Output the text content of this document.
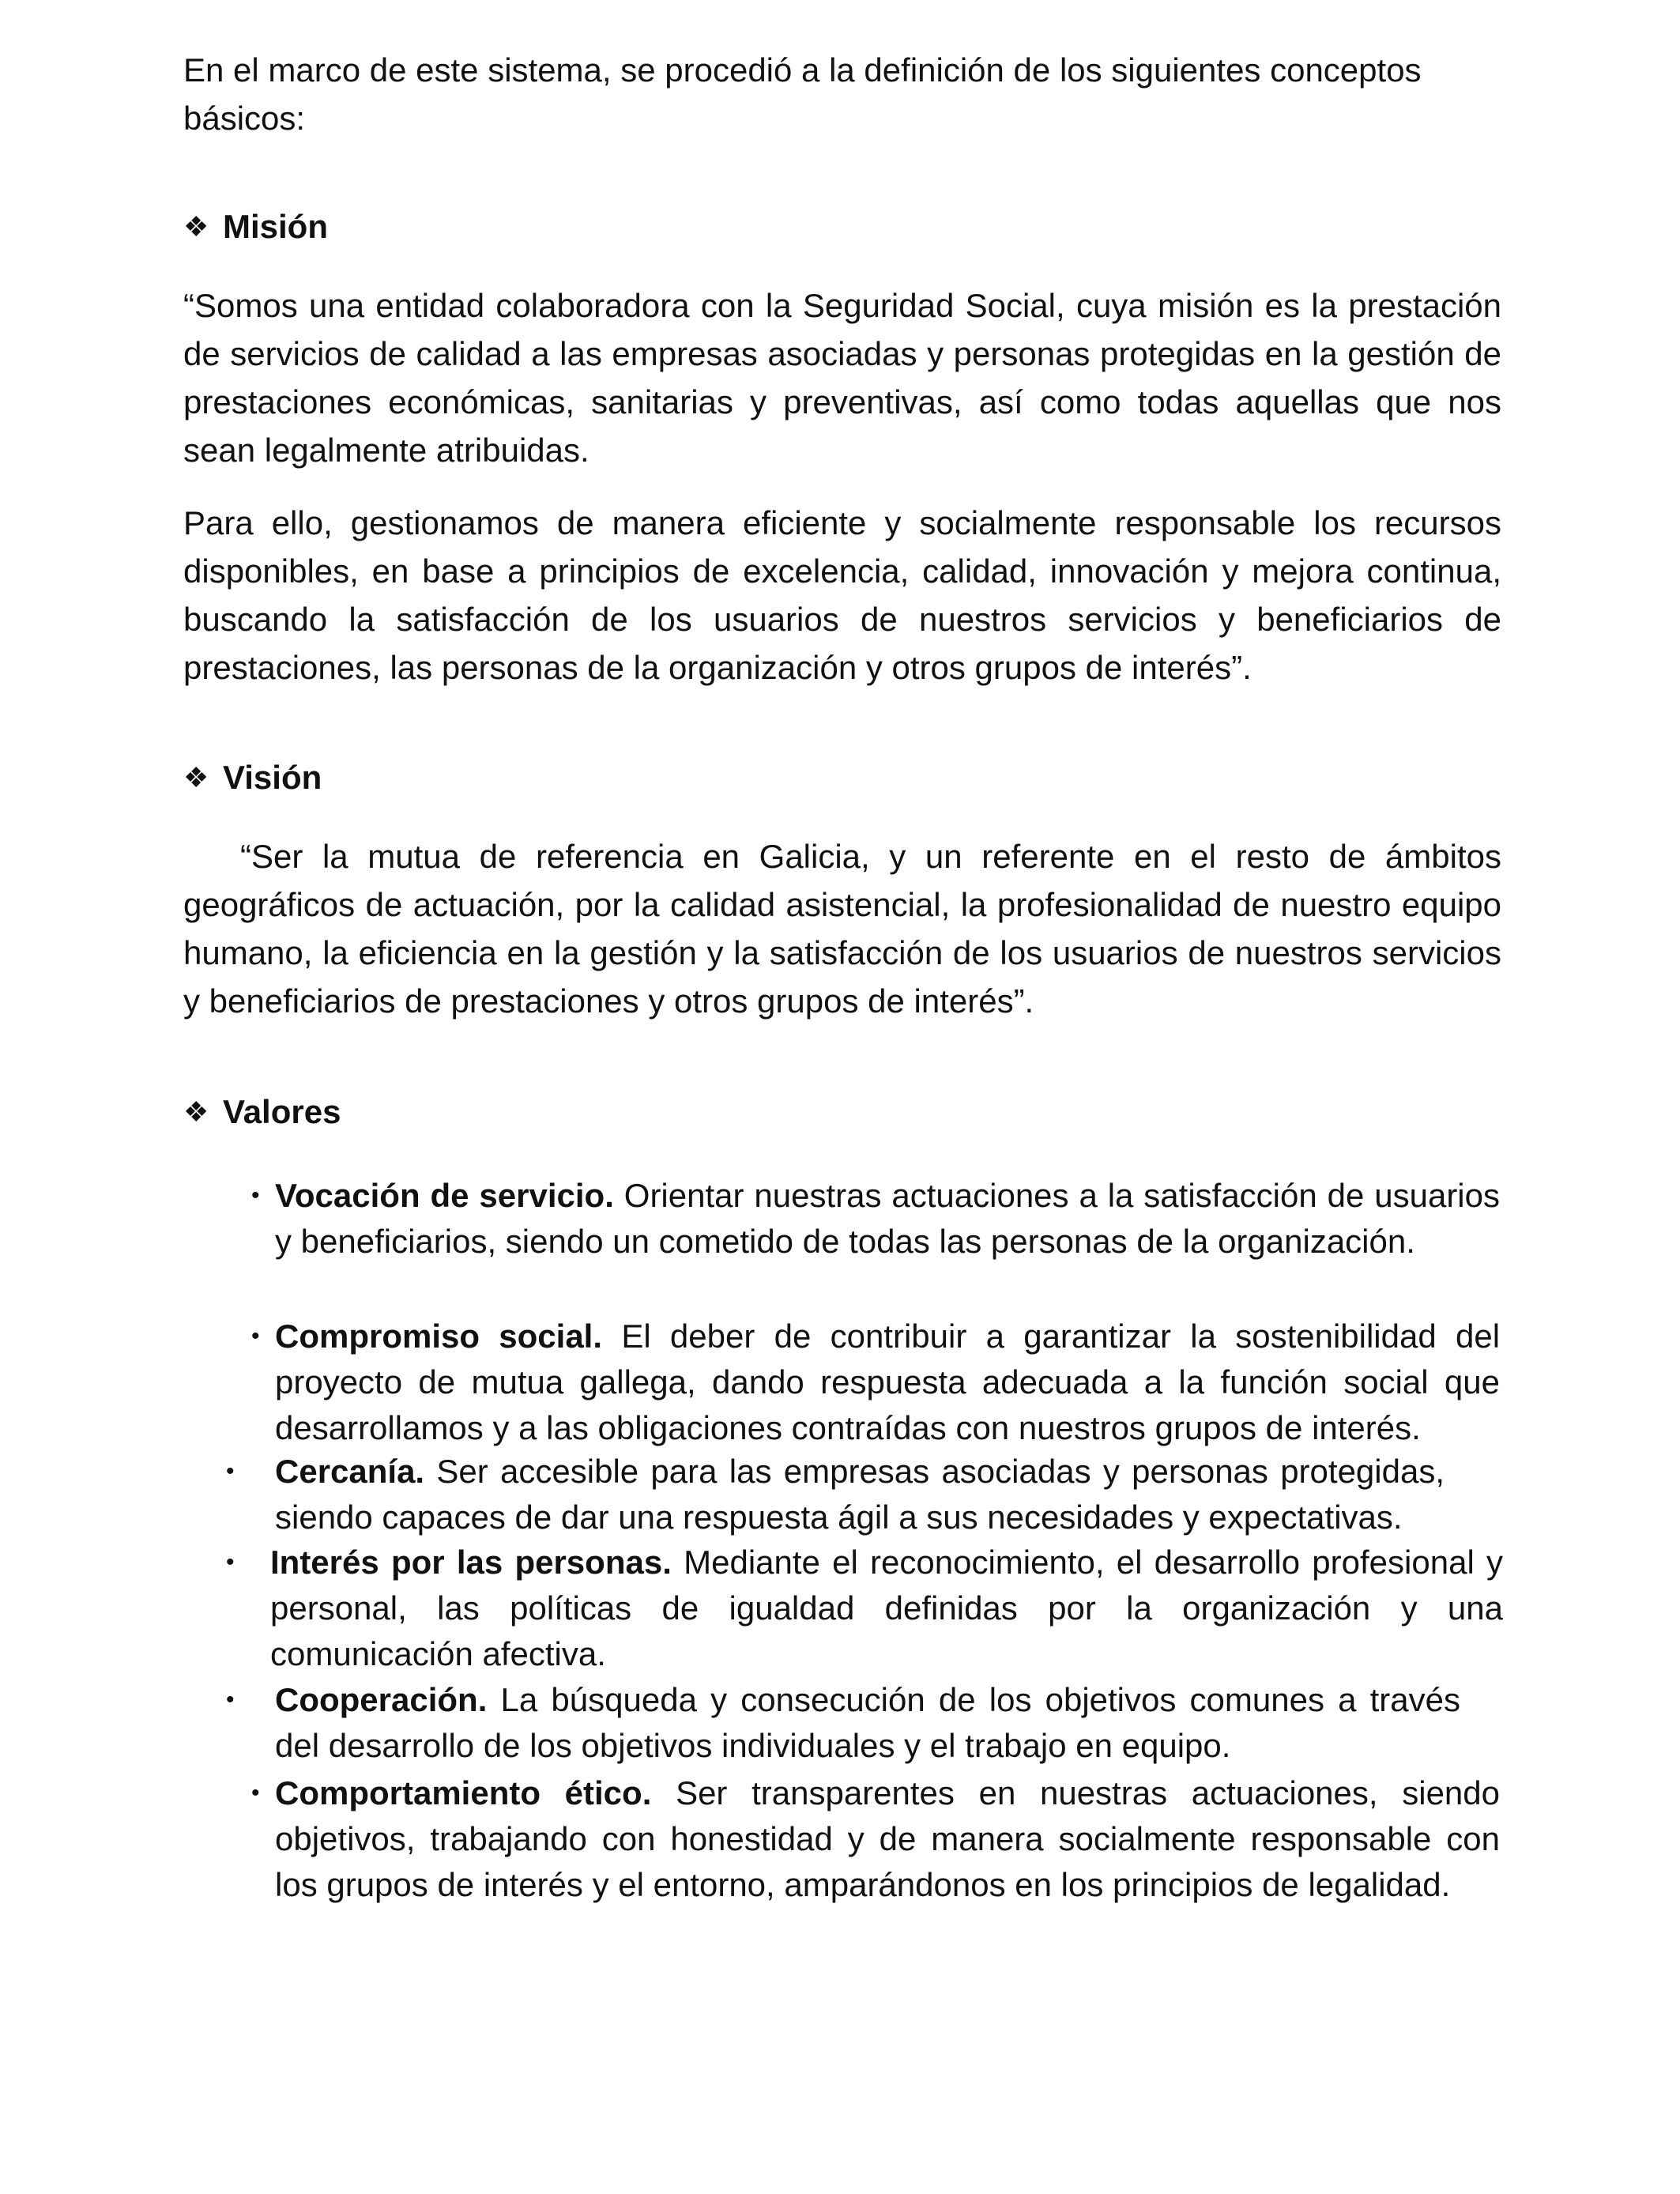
En el marco de este sistema, se procedió a la definición de los siguientes conceptos básicos:

❖ Misión

“Somos una entidad colaboradora con la Seguridad Social, cuya misión es la prestación de servicios de calidad a las empresas asociadas y personas protegidas en la gestión de prestaciones económicas, sanitarias y preventivas, así como todas aquellas que nos sean legalmente atribuidas.

Para ello, gestionamos de manera eficiente y socialmente responsable los recursos disponibles, en base a principios de excelencia, calidad, innovación y mejora continua, buscando la satisfacción de los usuarios de nuestros servicios y beneficiarios de prestaciones, las personas de la organización y otros grupos de interés”.

❖ Visión

“Ser la mutua de referencia en Galicia, y un referente en el resto de ámbitos geográficos de actuación, por la calidad asistencial, la profesionalidad de nuestro equipo humano, la eficiencia en la gestión y la satisfacción de los usuarios de nuestros servicios y beneficiarios de prestaciones y otros grupos de interés”.

❖ Valores
• Vocación de servicio. Orientar nuestras actuaciones a la satisfacción de usuarios y beneficiarios, siendo un cometido de todas las personas de la organización.
• Compromiso social. El deber de contribuir a garantizar la sostenibilidad del proyecto de mutua gallega, dando respuesta adecuada a la función social que desarrollamos y a las obligaciones contraídas con nuestros grupos de interés.
• Cercanía. Ser accesible para las empresas asociadas y personas protegidas, siendo capaces de dar una respuesta ágil a sus necesidades y expectativas.
• Interés por las personas. Mediante el reconocimiento, el desarrollo profesional y personal, las políticas de igualdad definidas por la organización y una comunicación afectiva.
• Cooperación. La búsqueda y consecución de los objetivos comunes a través del desarrollo de los objetivos individuales y el trabajo en equipo.
• Comportamiento ético. Ser transparentes en nuestras actuaciones, siendo objetivos, trabajando con honestidad y de manera socialmente responsable con los grupos de interés y el entorno, amparándonos en los principios de legalidad.
